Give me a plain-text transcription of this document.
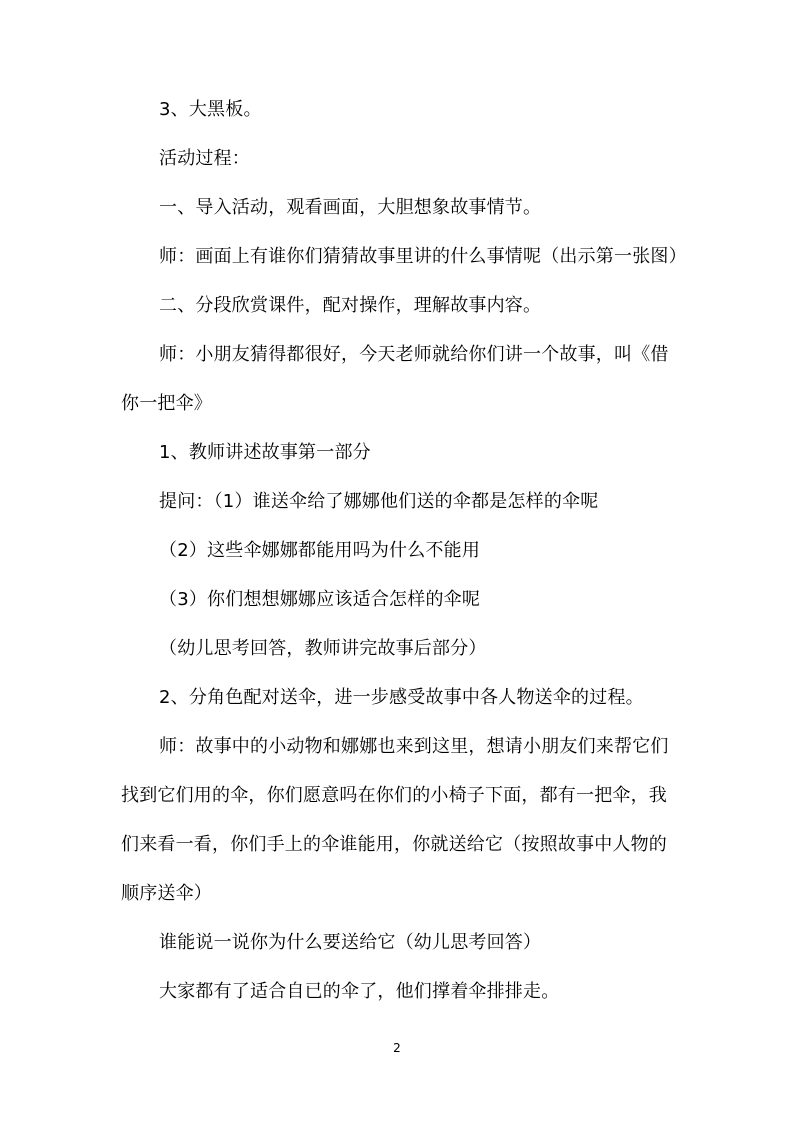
3、大黑板。
活动过程：
一、导入活动，观看画面，大胆想象故事情节。
师：画面上有谁你们猜猜故事里讲的什么事情呢（出示第一张图）
二、分段欣赏课件，配对操作，理解故事内容。
师：小朋友猜得都很好，今天老师就给你们讲一个故事，叫《借
你一把伞》
1、教师讲述故事第一部分
提问：（1）谁送伞给了娜娜他们送的伞都是怎样的伞呢
（2）这些伞娜娜都能用吗为什么不能用
（3）你们想想娜娜应该适合怎样的伞呢
（幼儿思考回答，教师讲完故事后部分）
2、分角色配对送伞，进一步感受故事中各人物送伞的过程。
师：故事中的小动物和娜娜也来到这里，想请小朋友们来帮它们
找到它们用的伞，你们愿意吗在你们的小椅子下面，都有一把伞，我
们来看一看，你们手上的伞谁能用，你就送给它（按照故事中人物的
顺序送伞）
谁能说一说你为什么要送给它（幼儿思考回答）
大家都有了适合自已的伞了，他们撑着伞排排走。
2
